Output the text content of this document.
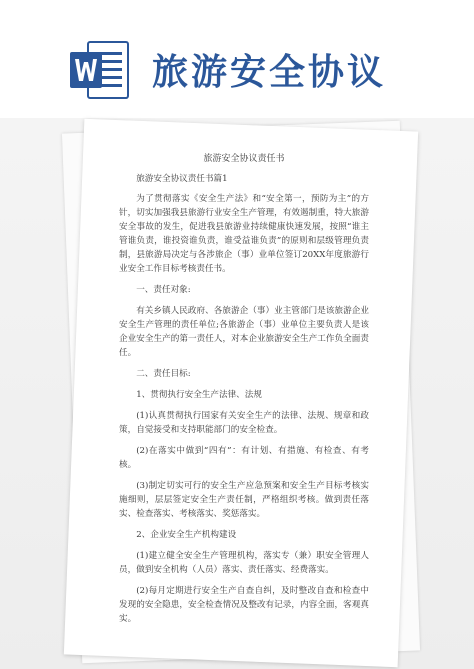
旅游安全协议

旅游安全协议责任书

旅游安全协议责任书篇1

为了贯彻落实《安全生产法》和“安全第一，预防为主”的方针，切实加强我县旅游行业安全生产管理，有效遏制重，特大旅游安全事故的发生，促进我县旅游业持续健康快速发展，按照“谁主管谁负责，谁投资谁负责，谁受益谁负责”的原则和层级管理负责制，县旅游局决定与各涉旅企（事）业单位签订20XX年度旅游行业安全工作目标考核责任书。

一、责任对象:

有关乡镇人民政府、各旅游企（事）业主管部门是该旅游企业安全生产管理的责任单位;各旅游企（事）业单位主要负责人是该企业安全生产的第一责任人，对本企业旅游安全生产工作负全面责任。

二、责任目标:

1、贯彻执行安全生产法律、法规

(1)认真贯彻执行国家有关安全生产的法律、法规、规章和政策，自觉接受和支持职能部门的安全检查。

(2)在落实中做到“四有”：有计划、有措施、有检查、有考核。

(3)制定切实可行的安全生产应急预案和安全生产目标考核实施细则，层层签定安全生产责任制，严格组织考核。做到责任落实、检查落实、考核落实、奖惩落实。

2、企业安全生产机构建设

(1)建立健全安全生产管理机构，落实专（兼）职安全管理人员，做到安全机构（人员）落实、责任落实、经费落实。

(2)每月定期进行安全生产自查自纠，及时整改自查和检查中发现的安全隐患，安全检查情况及整改有记录，内容全面，客观真实。
